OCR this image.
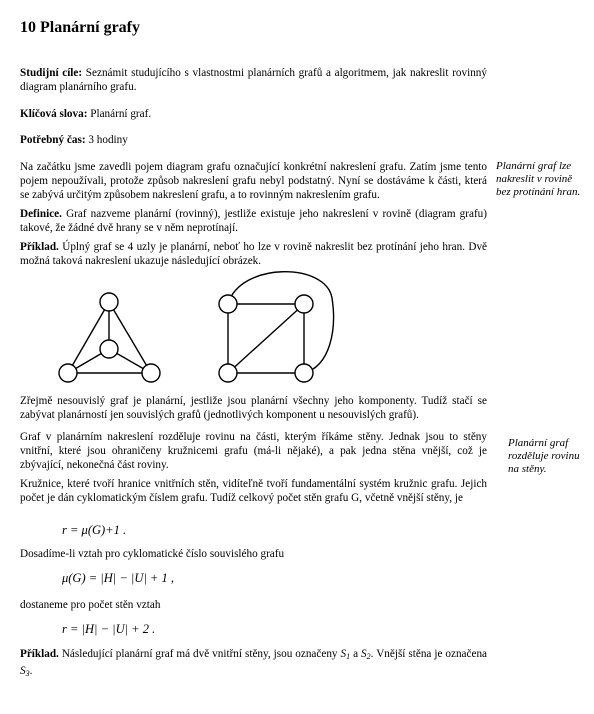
10 Planární grafy
Studijní cíle: Seznámit studujícího s vlastnostmi planárních grafů a algoritmem, jak nakreslit rovinný diagram planárního grafu.
Klíčová slova: Planární graf.
Potřebný čas: 3 hodiny
Na začátku jsme zavedli pojem diagram grafu označující konkrétní nakreslení grafu. Zatím jsme tento pojem nepoužívali, protože způsob nakreslení grafu nebyl podstatný. Nyní se dostáváme k části, která se zabývá určitým způsobem nakreslení grafu, a to rovinným nakreslením grafu.
Definice. Graf nazveme planární (rovinný), jestliže existuje jeho nakreslení v rovině (diagram grafu) takové, že žádné dvě hrany se v něm neprotínají.
Příklad. Úplný graf se 4 uzly je planární, neboť ho lze v rovině nakreslit bez protínání jeho hran. Dvě možná taková nakreslení ukazuje následující obrázek.
Zřejmě nesouvislý graf je planární, jestliže jsou planární všechny jeho komponenty. Tudíž stačí se zabývat planárností jen souvislých grafů (jednotlivých komponent u nesouvislých grafů).
Graf v planárním nakreslení rozděluje rovinu na části, kterým říkáme stěny. Jednak jsou to stěny vnitřní, které jsou ohraničeny kružnicemi grafu (má-li nějaké), a pak jedna stěna vnější, což je zbývající, nekonečná část roviny.
Kružnice, které tvoří hranice vnitřních stěn, vidíteľně tvoří fundamentální systém kružnic grafu. Jejich počet je dán cyklomatickým číslem grafu. Tudíž celkový počet stěn grafu G, včetně vnější stěny, je
r = μ(G)+1 .
Dosadíme-li vztah pro cyklomatické číslo souvislého grafu
μ(G) = |H| − |U| + 1 ,
dostaneme pro počet stěn vztah
r = |H| − |U| + 2 .
Příklad. Následující planární graf má dvě vnitřní stěny, jsou označeny $S_1$ a $S_2$. Vnější stěna je označena $S_3$.
Planární graf lze nakreslit v rovině bez protínání hran.
Planární graf rozděluje rovinu na stěny.
